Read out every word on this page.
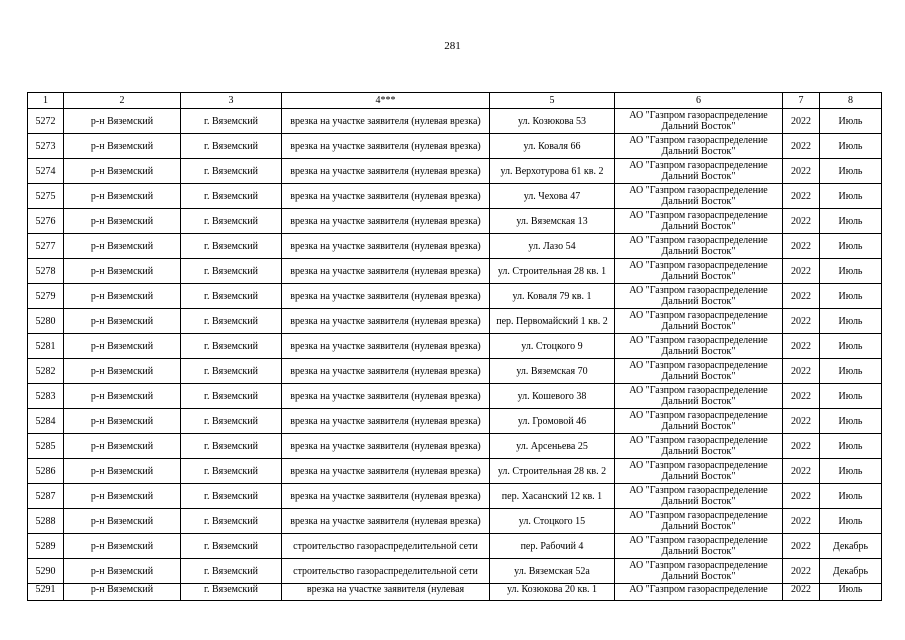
281
1	2	3	4***	5	6	7	8
5272	р-н Вяземский	г. Вяземский	врезка на участке заявителя (нулевая врезка)	ул. Козюкова 53	АО "Газпром газораспределение Дальний Восток"	2022	Июль
5273	р-н Вяземский	г. Вяземский	врезка на участке заявителя (нулевая врезка)	ул. Коваля 66	АО "Газпром газораспределение Дальний Восток"	2022	Июль
5274	р-н Вяземский	г. Вяземский	врезка на участке заявителя (нулевая врезка)	ул. Верхотурова 61 кв. 2	АО "Газпром газораспределение Дальний Восток"	2022	Июль
5275	р-н Вяземский	г. Вяземский	врезка на участке заявителя (нулевая врезка)	ул. Чехова 47	АО "Газпром газораспределение Дальний Восток"	2022	Июль
5276	р-н Вяземский	г. Вяземский	врезка на участке заявителя (нулевая врезка)	ул. Вяземская 13	АО "Газпром газораспределение Дальний Восток"	2022	Июль
5277	р-н Вяземский	г. Вяземский	врезка на участке заявителя (нулевая врезка)	ул. Лазо 54	АО "Газпром газораспределение Дальний Восток"	2022	Июль
5278	р-н Вяземский	г. Вяземский	врезка на участке заявителя (нулевая врезка)	ул. Строительная 28 кв. 1	АО "Газпром газораспределение Дальний Восток"	2022	Июль
5279	р-н Вяземский	г. Вяземский	врезка на участке заявителя (нулевая врезка)	ул. Коваля 79 кв. 1	АО "Газпром газораспределение Дальний Восток"	2022	Июль
5280	р-н Вяземский	г. Вяземский	врезка на участке заявителя (нулевая врезка)	пер. Первомайский 1 кв. 2	АО "Газпром газораспределение Дальний Восток"	2022	Июль
5281	р-н Вяземский	г. Вяземский	врезка на участке заявителя (нулевая врезка)	ул. Стоцкого 9	АО "Газпром газораспределение Дальний Восток"	2022	Июль
5282	р-н Вяземский	г. Вяземский	врезка на участке заявителя (нулевая врезка)	ул. Вяземская 70	АО "Газпром газораспределение Дальний Восток"	2022	Июль
5283	р-н Вяземский	г. Вяземский	врезка на участке заявителя (нулевая врезка)	ул. Кошевого 38	АО "Газпром газораспределение Дальний Восток"	2022	Июль
5284	р-н Вяземский	г. Вяземский	врезка на участке заявителя (нулевая врезка)	ул. Громовой 46	АО "Газпром газораспределение Дальний Восток"	2022	Июль
5285	р-н Вяземский	г. Вяземский	врезка на участке заявителя (нулевая врезка)	ул. Арсеньева 25	АО "Газпром газораспределение Дальний Восток"	2022	Июль
5286	р-н Вяземский	г. Вяземский	врезка на участке заявителя (нулевая врезка)	ул. Строительная 28 кв. 2	АО "Газпром газораспределение Дальний Восток"	2022	Июль
5287	р-н Вяземский	г. Вяземский	врезка на участке заявителя (нулевая врезка)	пер. Хасанский 12 кв. 1	АО "Газпром газораспределение Дальний Восток"	2022	Июль
5288	р-н Вяземский	г. Вяземский	врезка на участке заявителя (нулевая врезка)	ул. Стоцкого 15	АО "Газпром газораспределение Дальний Восток"	2022	Июль
5289	р-н Вяземский	г. Вяземский	строительство газораспределительной сети	пер. Рабочий 4	АО "Газпром газораспределение Дальний Восток"	2022	Декабрь
5290	р-н Вяземский	г. Вяземский	строительство газораспределительной сети	ул. Вяземская 52а	АО "Газпром газораспределение Дальний Восток"	2022	Декабрь
5291	р-н Вяземский	г. Вяземский	врезка на участке заявителя (нулевая	ул. Козюкова 20 кв. 1	АО "Газпром газораспределение	2022	Июль
